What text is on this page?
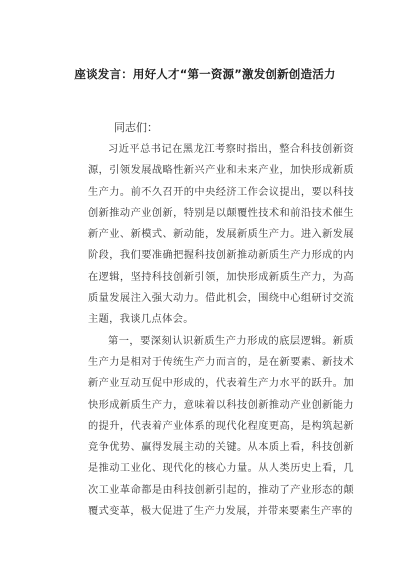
座谈发言：用好人才“第一资源”激发创新创造活力
同志们：

习近平总书记在黑龙江考察时指出，整合科技创新资源，引领发展战略性新兴产业和未来产业，加快形成新质生产力。前不久召开的中央经济工作会议提出，要以科技创新推动产业创新，特别是以颠覆性技术和前沿技术催生新产业、新模式、新动能，发展新质生产力。进入新发展阶段，我们要准确把握科技创新推动新质生产力形成的内在逻辑，坚持科技创新引领，加快形成新质生产力，为高质量发展注入强大动力。借此机会，围绕中心组研讨交流主题，我谈几点体会。

第一，要深刻认识新质生产力形成的底层逻辑。新质生产力是相对于传统生产力而言的，是在新要素、新技术新产业互动互促中形成的，代表着生产力水平的跃升。加快形成新质生产力，意味着以科技创新推动产业创新能力的提升，代表着产业体系的现代化程度更高，是构筑起新竞争优势、赢得发展主动的关键。从本质上看，科技创新是推动工业化、现代化的核心力量。从人类历史上看，几次工业革命都是由科技创新引起的，推动了产业形态的颠覆式变革，极大促进了生产力发展，并带来要素生产率的
